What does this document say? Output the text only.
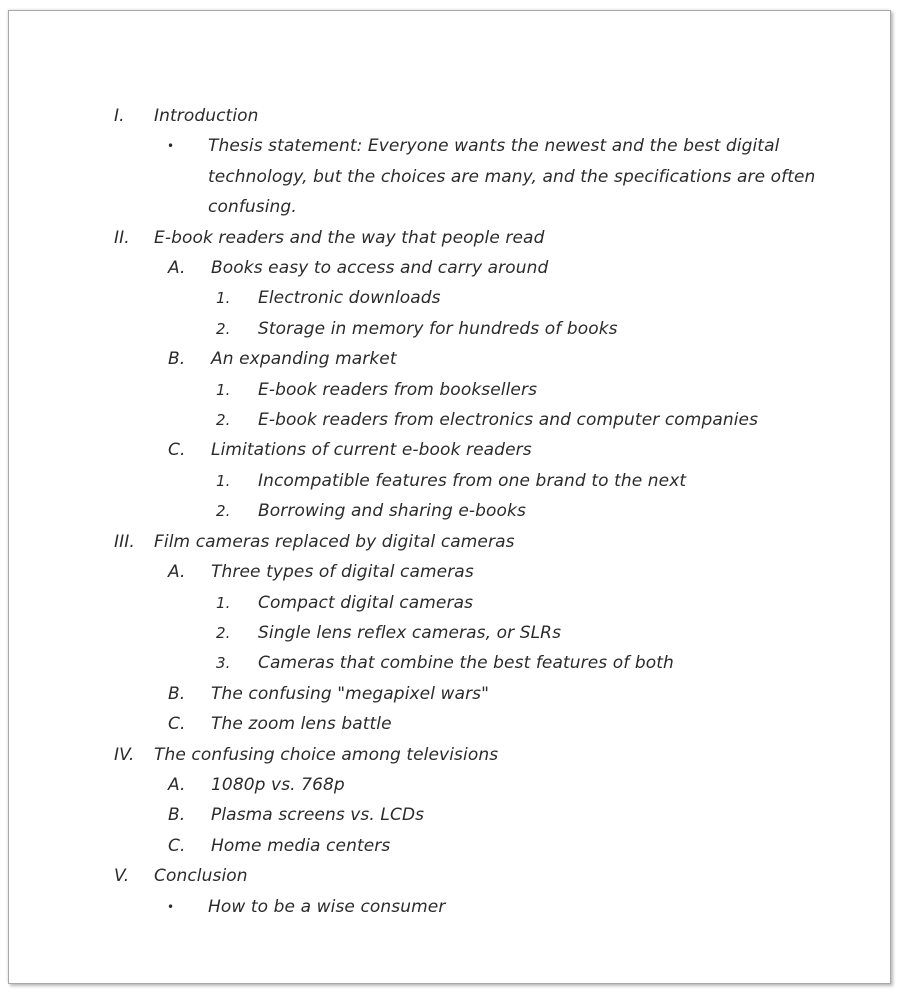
I. Introduction
• Thesis statement: Everyone wants the newest and the best digital technology, but the choices are many, and the specifications are often confusing.
II. E-book readers and the way that people read
A. Books easy to access and carry around
1. Electronic downloads
2. Storage in memory for hundreds of books
B. An expanding market
1. E-book readers from booksellers
2. E-book readers from electronics and computer companies
C. Limitations of current e-book readers
1. Incompatible features from one brand to the next
2. Borrowing and sharing e-books
III. Film cameras replaced by digital cameras
A. Three types of digital cameras
1. Compact digital cameras
2. Single lens reflex cameras, or SLRs
3. Cameras that combine the best features of both
B. The confusing "megapixel wars"
C. The zoom lens battle
IV. The confusing choice among televisions
A. 1080p vs. 768p
B. Plasma screens vs. LCDs
C. Home media centers
V. Conclusion
• How to be a wise consumer
